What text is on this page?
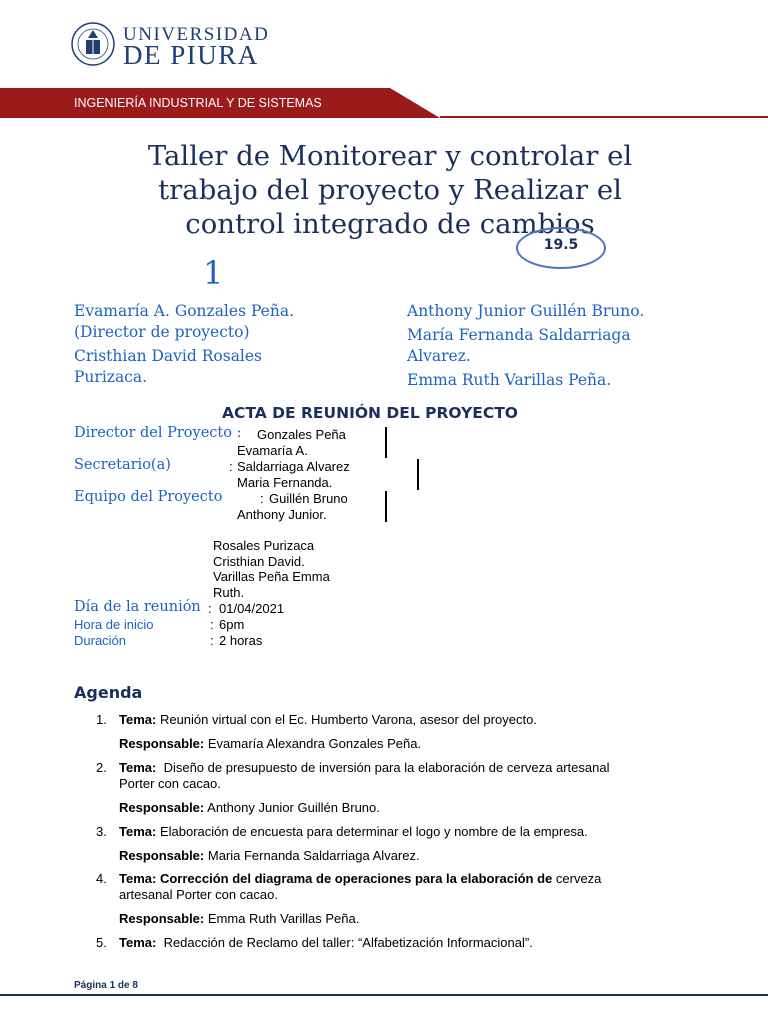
UNIVERSIDAD
DE PIURA
INGENIERÍA INDUSTRIAL Y DE SISTEMAS
Taller de Monitorear y controlar el
trabajo del proyecto y Realizar el
control integrado de cambios
19.5
1
Evamaría A. Gonzales Peña.
(Director de proyecto)
Cristhian David Rosales
Purizaca.
Anthony Junior Guillén Bruno.
María Fernanda Saldarriaga
Alvarez.
Emma Ruth Varillas Peña.
ACTA DE REUNIÓN DEL PROYECTO
Director del Proyecto : Gonzales Peña
Evamaría A.
Secretario(a)	: Saldarriaga Alvarez
Maria Fernanda.
Equipo del Proyecto	: Guillén Bruno
Anthony Junior.
Rosales Purizaca
Cristhian David.
Varillas Peña Emma
Ruth.
Día de la reunión : 01/04/2021
Hora de inicio	: 6pm
Duración	: 2 horas
Agenda
1. Tema: Reunión virtual con el Ec. Humberto Varona, asesor del proyecto.
Responsable: Evamaría Alexandra Gonzales Peña.
2. Tema: Diseño de presupuesto de inversión para la elaboración de cerveza artesanal
Porter con cacao.
Responsable: Anthony Junior Guillén Bruno.
3. Tema: Elaboración de encuesta para determinar el logo y nombre de la empresa.
Responsable: Maria Fernanda Saldarriaga Alvarez.
4. Tema: Corrección del diagrama de operaciones para la elaboración de cerveza
artesanal Porter con cacao.
Responsable: Emma Ruth Varillas Peña.
5. Tema: Redacción de Reclamo del taller: “Alfabetización Informacional”.
Página 1 de 8
